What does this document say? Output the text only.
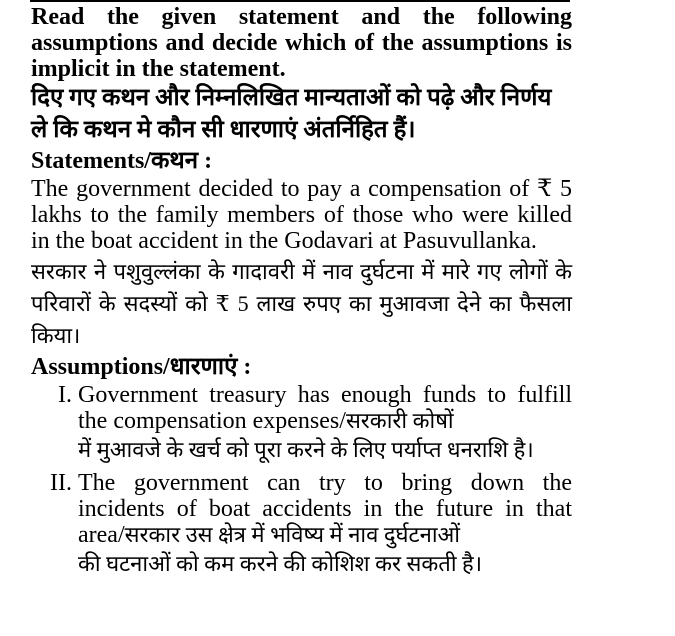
Read the given statement and the following assumptions and decide which of the assumptions is implicit in the statement.

दिए गए कथन और निम्नलिखित मान्यताओं को पढ़े और निर्णय ले कि कथन मे कौन सी धारणाएं अंतर्निहित हैं।

Statements/कथन :

The government decided to pay a compensation of ₹ 5 lakhs to the family members of those who were killed in the boat accident in the Godavari at Pasuvullanka.

सरकार ने पशुवुल्लंका के गादावरी में नाव दुर्घटना में मारे गए लोगों के परिवारों के सदस्यों को ₹ 5 लाख रुपए का मुआवजा देने का फैसला किया।

Assumptions/धारणाएं :

I. Government treasury has enough funds to fulfill the compensation expenses/सरकारी कोषों
में मुआवजे के खर्च को पूरा करने के लिए पर्याप्त धनराशि है।
II. The government can try to bring down the incidents of boat accidents in the future in that area/सरकार उस क्षेत्र में भविष्य में नाव दुर्घटनाओं
की घटनाओं को कम करने की कोशिश कर सकती है।
